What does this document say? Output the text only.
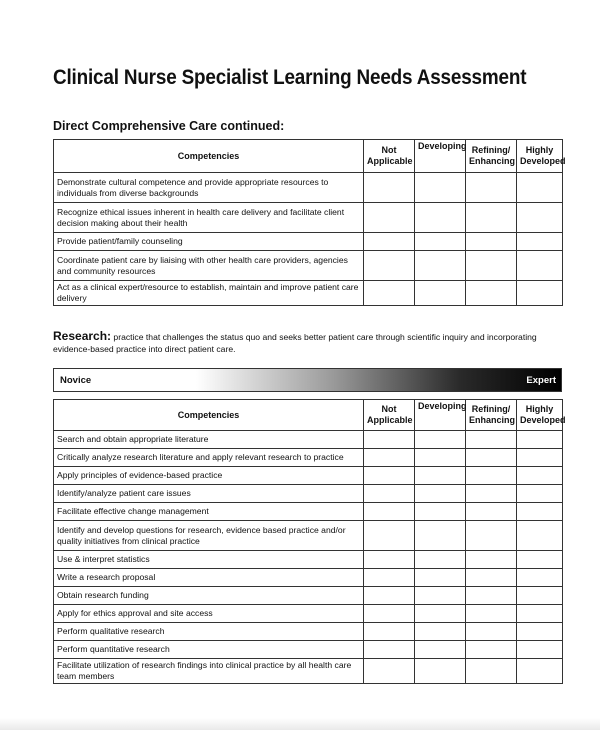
Clinical Nurse Specialist Learning Needs Assessment
Direct Comprehensive Care continued:
Competencies	Not Applicable	Developing	Refining/ Enhancing	Highly Developed
Demonstrate cultural competence and provide appropriate resources to individuals from diverse backgrounds				
Recognize ethical issues inherent in health care delivery and facilitate client decision making about their health				
Provide patient/family counseling				
Coordinate patient care by liaising with other health care providers, agencies and community resources				
Act as a clinical expert/resource to establish, maintain and improve patient care delivery				
Research: practice that challenges the status quo and seeks better patient care through scientific inquiry and incorporating evidence-based practice into direct patient care.
Novice	Expert
Competencies	Not Applicable	Developing	Refining/ Enhancing	Highly Developed
Search and obtain appropriate literature				
Critically analyze research literature and apply relevant research to practice				
Apply principles of evidence-based practice				
Identify/analyze patient care issues				
Facilitate effective change management				
Identify and develop questions for research, evidence based practice and/or quality initiatives from clinical practice				
Use & interpret statistics				
Write a research proposal				
Obtain research funding				
Apply for ethics approval and site access				
Perform qualitative research				
Perform quantitative research				
Facilitate utilization of research findings into clinical practice by all health care team members				
